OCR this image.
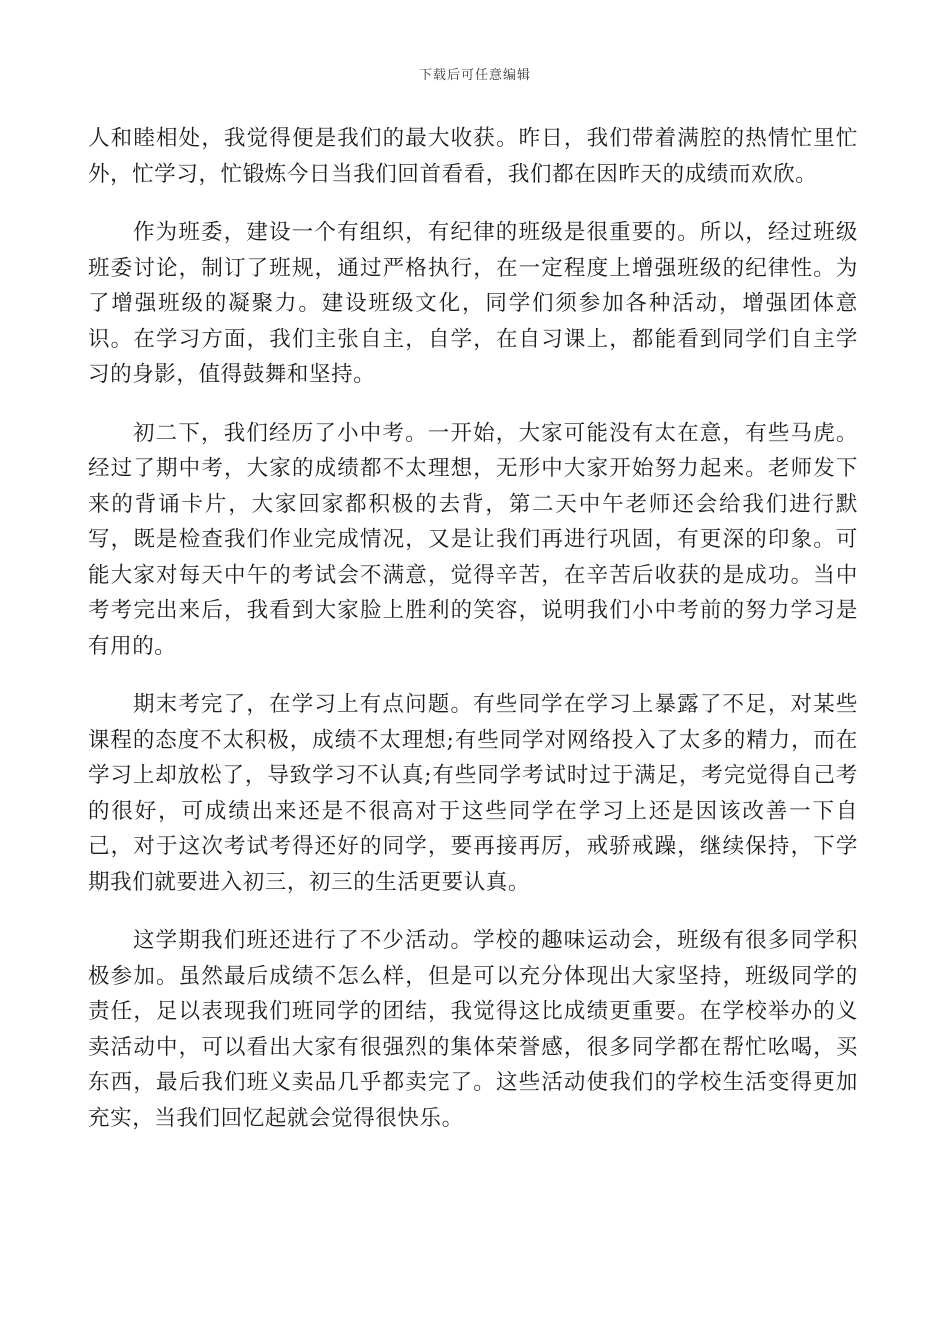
下载后可任意编辑

人和睦相处，我觉得便是我们的最大收获。昨日，我们带着满腔的热情忙里忙外，忙学习，忙锻炼今日当我们回首看看，我们都在因昨天的成绩而欢欣。

作为班委，建设一个有组织，有纪律的班级是很重要的。所以，经过班级班委讨论，制订了班规，通过严格执行，在一定程度上增强班级的纪律性。为了增强班级的凝聚力。建设班级文化，同学们须参加各种活动，增强团体意识。在学习方面，我们主张自主，自学，在自习课上，都能看到同学们自主学习的身影，值得鼓舞和坚持。

初二下，我们经历了小中考。一开始，大家可能没有太在意，有些马虎。经过了期中考，大家的成绩都不太理想，无形中大家开始努力起来。老师发下来的背诵卡片，大家回家都积极的去背，第二天中午老师还会给我们进行默写，既是检查我们作业完成情况，又是让我们再进行巩固，有更深的印象。可能大家对每天中午的考试会不满意，觉得辛苦，在辛苦后收获的是成功。当中考考完出来后，我看到大家脸上胜利的笑容，说明我们小中考前的努力学习是有用的。

期末考完了，在学习上有点问题。有些同学在学习上暴露了不足，对某些课程的态度不太积极，成绩不太理想;有些同学对网络投入了太多的精力，而在学习上却放松了，导致学习不认真;有些同学考试时过于满足，考完觉得自己考的很好，可成绩出来还是不很高对于这些同学在学习上还是因该改善一下自己，对于这次考试考得还好的同学，要再接再厉，戒骄戒躁，继续保持，下学期我们就要进入初三，初三的生活更要认真。

这学期我们班还进行了不少活动。学校的趣味运动会，班级有很多同学积极参加。虽然最后成绩不怎么样，但是可以充分体现出大家坚持，班级同学的责任，足以表现我们班同学的团结，我觉得这比成绩更重要。在学校举办的义卖活动中，可以看出大家有很强烈的集体荣誉感，很多同学都在帮忙吆喝，买东西，最后我们班义卖品几乎都卖完了。这些活动使我们的学校生活变得更加充实，当我们回忆起就会觉得很快乐。
